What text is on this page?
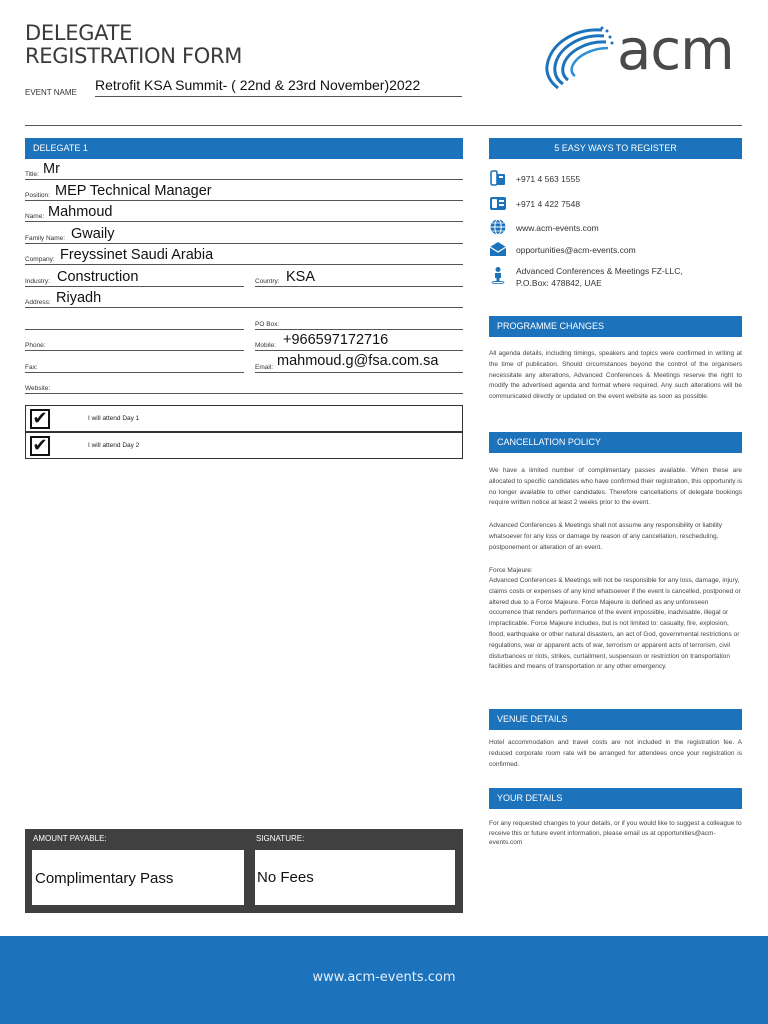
DELEGATE
REGISTRATION FORM	acm
EVENT NAME Retrofit KSA Summit- ( 22nd & 23rd November)2022
DELEGATE 1
Title: Mr
Position: MEP Technical Manager
Name: Mahmoud
Family Name: Gwaily
Company: Freyssinet Saudi Arabia
Industry: Construction	Country: KSA
Address: Riyadh
PO Box:
Phone:	Mobile: +966597172716
Fax:	Email: mahmoud.g@fsa.com.sa
Website:
✔	I will attend Day 1
✔	I will attend Day 2
5 EASY WAYS TO REGISTER
+971 4 563 1555
+971 4 422 7548
www.acm-events.com
opportunities@acm-events.com
Advanced Conferences & Meetings FZ-LLC,
P.O.Box: 478842, UAE
PROGRAMME CHANGES
All agenda details, including timings, speakers and topics were confirmed in writing at the time of publication. Should circumstances beyond the control of the organisers necessitate any alterations, Advanced Conferences & Meetings reserve the right to modify the advertised agenda and format where required. Any such alterations will be communicated directly or updated on the event website as soon as possible.
CANCELLATION POLICY
We have a limited number of complimentary passes available. When these are allocated to specific candidates who have confirmed their registration, this opportunity is no longer available to other candidates. Therefore cancellations of delegate bookings require written notice at least 2 weeks prior to the event.
Advanced Conferences & Meetings shall not assume any responsibility or liability whatsoever for any loss or damage by reason of any cancellation, rescheduling, postponement or alteration of an event.
Force Majeure:
Advanced Conferences & Meetings will not be responsible for any loss, damage, injury, claims costs or expenses of any kind whatsoever if the event is cancelled, postponed or altered due to a Force Majeure. Force Majeure is defined as any unforeseen occurrence that renders performance of the event impossible, inadvisable, illegal or impracticable. Force Majeure includes, but is not limited to: casualty, fire, explosion, flood, earthquake or other natural disasters, an act of God, governmental restrictions or regulations, war or apparent acts of war, terrorism or apparent acts of terrorism, civil disturbances or riots, strikes, curtailment, suspension or restriction on transportation facilities and means of transportation or any other emergency.
VENUE DETAILS
Hotel accommodation and travel costs are not included in the registration fee. A reduced corporate room rate will be arranged for attendees once your registration is confirmed.
YOUR DETAILS
For any requested changes to your details, or if you would like to suggest a colleague to receive this or future event information, please email us at opportunities@acm-events.com
AMOUNT PAYABLE:	SIGNATURE:
Complimentary Pass	No Fees
www.acm-events.com
